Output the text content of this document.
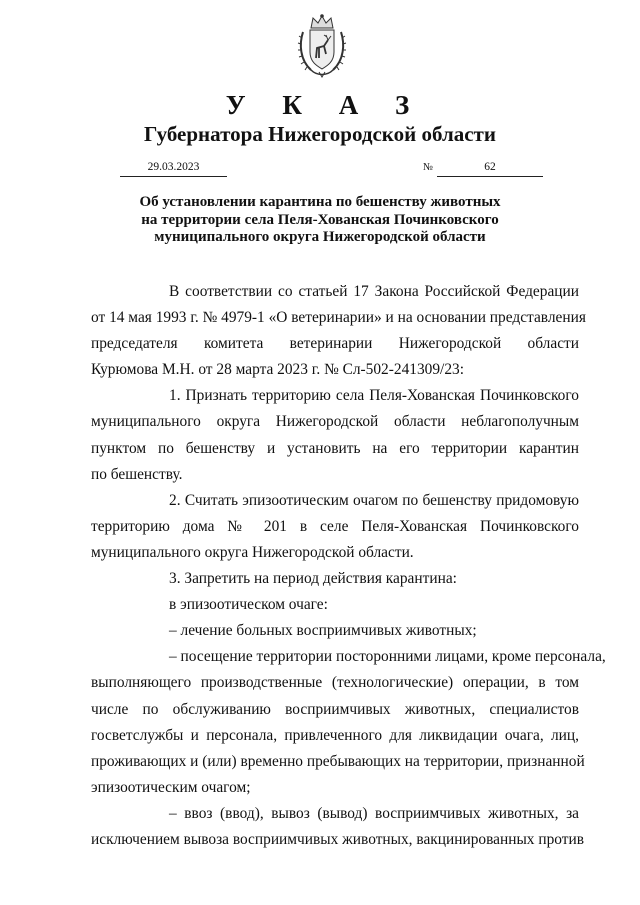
У К А З
Губернатора Нижегородской области
29.03.2023	№	62
Об установлении карантина по бешенству животных
на территории села Пеля-Хованская Починковского
муниципального округа Нижегородской области
В соответствии со статьей 17 Закона Российской Федерации
от 14 мая 1993 г. № 4979-1 «О ветеринарии» и на основании представления
председателя комитета ветеринарии Нижегородской области
Курюмова М.Н. от 28 марта 2023 г. № Сл-502-241309/23:
1. Признать территорию села Пеля-Хованская Починковского
муниципального округа Нижегородской области неблагополучным
пунктом по бешенству и установить на его территории карантин
по бешенству.
2. Считать эпизоотическим очагом по бешенству придомовую
территорию дома № 201 в селе Пеля-Хованская Починковского
муниципального округа Нижегородской области.
3. Запретить на период действия карантина:
в эпизоотическом очаге:
– лечение больных восприимчивых животных;
– посещение территории посторонними лицами, кроме персонала,
выполняющего производственные (технологические) операции, в том
числе по обслуживанию восприимчивых животных, специалистов
госветслужбы и персонала, привлеченного для ликвидации очага, лиц,
проживающих и (или) временно пребывающих на территории, признанной
эпизоотическим очагом;
– ввоз (ввод), вывоз (вывод) восприимчивых животных, за
исключением вывоза восприимчивых животных, вакцинированных против
